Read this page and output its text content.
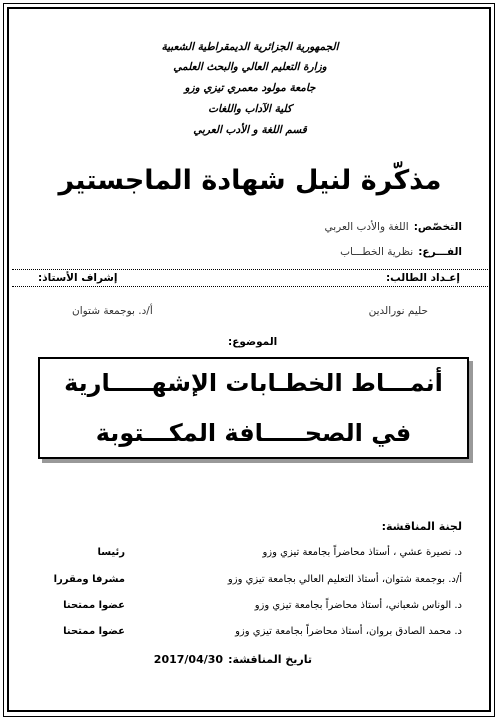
الجمهورية الجزائرية الديمقراطية الشعبية
وزارة التعليم العالي والبحث العلمي
جامعة مولود معمري تيزي وزو
كلية الآداب واللغات
قسم اللغة و الأدب العربي
مذكّرة لنيل شهادة الماجستير
التخصّص: اللغة والأدب العربي
الفـــرع: نظرية الخطـــاب
إعـداد الطالب:
إشراف الأستاذ:
حليم نورالدين
أ/د. بوجمعة شتوان
الموضوع:
أنمـــاط الخطـابات الإشهـــــارية
في الصحـــــافة المكـــتوبة
لجنة المناقشة:
د. نصيرة عشي ، أستاذ محاضراً بجامعة تيزي وزو
رئيسا
أ/د. بوجمعة شتوان، أستاذ التعليم العالي بجامعة تيزي وزو
مشرفا ومقررا
د. الوناس شعباني، أستاذ محاضراً بجامعة تيزي وزو
عضوا ممتحنا
د. محمد الصادق بروان، أستاذ محاضراً بجامعة تيزي وزو
عضوا ممتحنا
تاريخ المناقشة: 2017/04/30
